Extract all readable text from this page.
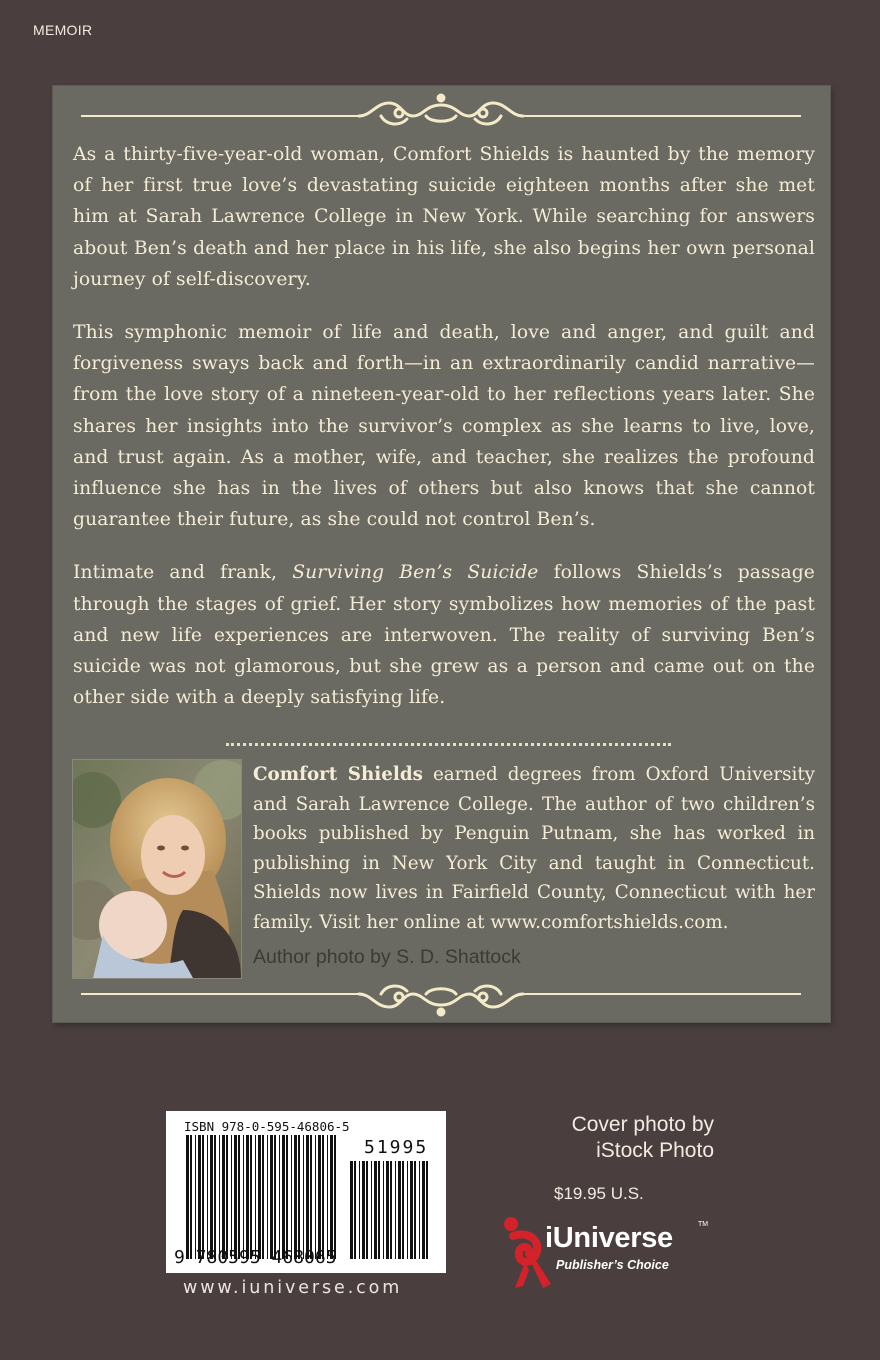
MEMOIR

As a thirty-five-year-old woman, Comfort Shields is haunted by the memory of her first true love’s devastating suicide eighteen months after she met him at Sarah Lawrence College in New York. While searching for answers about Ben’s death and her place in his life, she also begins her own personal journey of self-discovery.

This symphonic memoir of life and death, love and anger, and guilt and forgiveness sways back and forth—in an extraordinarily candid narrative—from the love story of a nineteen-year-old to her reflections years later. She shares her insights into the survivor’s complex as she learns to live, love, and trust again. As a mother, wife, and teacher, she realizes the profound influence she has in the lives of others but also knows that she cannot guarantee their future, as she could not control Ben’s.

Intimate and frank, Surviving Ben’s Suicide follows Shields’s passage through the stages of grief. Her story symbolizes how memories of the past and new life experiences are interwoven. The reality of surviving Ben’s suicide was not glamorous, but she grew as a person and came out on the other side with a deeply satisfying life.

Comfort Shields earned degrees from Oxford University and Sarah Lawrence College. The author of two children’s books published by Penguin Putnam, she has worked in publishing in New York City and taught in Connecticut. Shields now lives in Fairfield County, Connecticut with her family. Visit her online at www.comfortshields.com.
Author photo by S. D. Shattock
ISBN 978-0-595-46806-5
51995
9 780595 468065
www.iuniverse.com
Cover photo by
iStock Photo
$19.95 U.S.
iUniverse	TM
Publisher’s Choice
